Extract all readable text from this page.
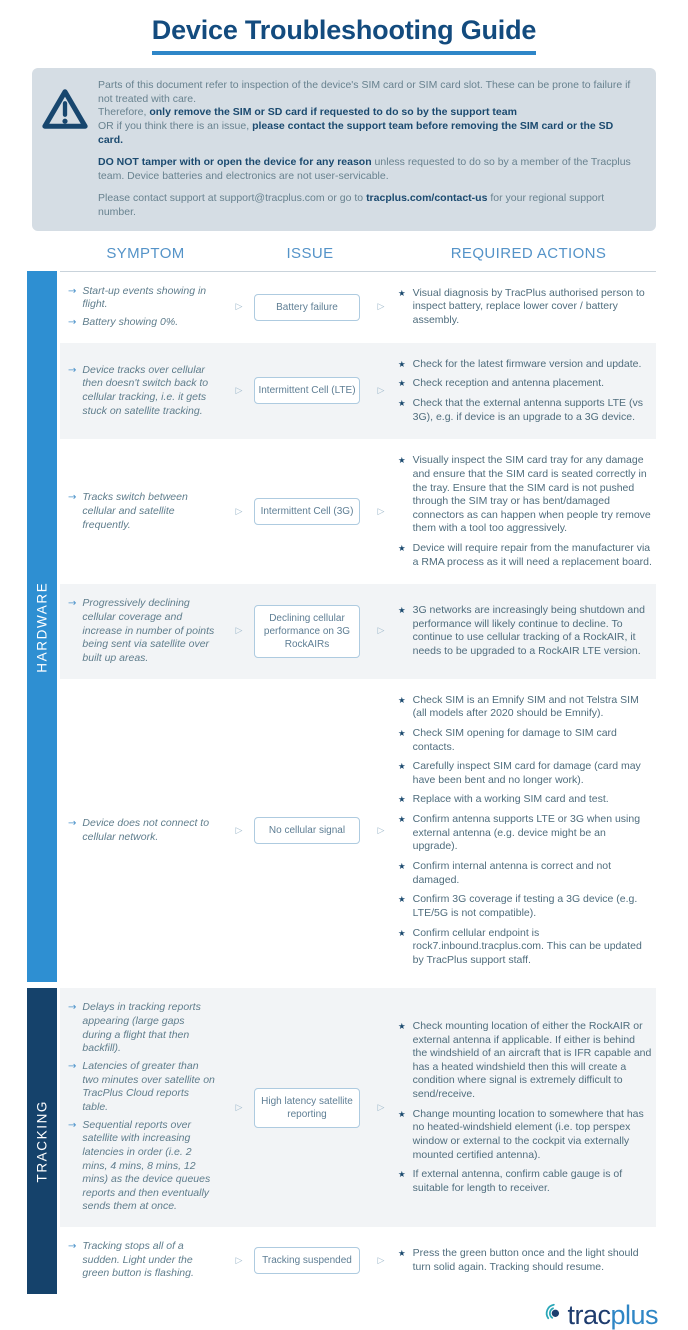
Device Troubleshooting Guide

Parts of this document refer to inspection of the device's SIM card or SIM card slot. These can be prone to failure if not treated with care.
Therefore, only remove the SIM or SD card if requested to do so by the support team
OR if you think there is an issue, please contact the support team before removing the SIM card or the SD card.

DO NOT tamper with or open the device for any reason unless requested to do so by a member of the Tracplus team. Device batteries and electronics are not user-servicable.

Please contact support at support@tracplus.com or go to tracplus.com/contact-us for your regional support number.

SYMPTOM	ISSUE	REQUIRED ACTIONS
HARDWARE
→ Start-up events showing in flight.
→ Battery showing 0%.
▷	Battery failure	▷
★ Visual diagnosis by TracPlus authorised person to inspect battery, replace lower cover / battery assembly.
→ Device tracks over cellular then doesn't switch back to cellular tracking, i.e. it gets stuck on satellite tracking.
▷	Intermittent Cell (LTE)	▷
★ Check for the latest firmware version and update.
★ Check reception and antenna placement.
★ Check that the external antenna supports LTE (vs 3G), e.g. if device is an upgrade to a 3G device.
→ Tracks switch between cellular and satellite frequently.
▷	Intermittent Cell (3G)	▷
★ Visually inspect the SIM card tray for any damage and ensure that the SIM card is seated correctly in the tray. Ensure that the SIM card is not pushed through the SIM tray or has bent/damaged connectors as can happen when people try remove them with a tool too aggressively.
★ Device will require repair from the manufacturer via a RMA process as it will need a replacement board.
→ Progressively declining cellular coverage and increase in number of points being sent via satellite over built up areas.
▷
Declining cellular performance on 3G RockAIRs
▷
★ 3G networks are increasingly being shutdown and performance will likely continue to decline. To continue to use cellular tracking of a RockAIR, it needs to be upgraded to a RockAIR LTE version.
→ Device does not connect to cellular network.	▷	No cellular signal	▷
★ Check SIM is an Emnify SIM and not Telstra SIM (all models after 2020 should be Emnify).
★ Check SIM opening for damage to SIM card contacts.
★ Carefully inspect SIM card for damage (card may have been bent and no longer work).
★ Replace with a working SIM card and test.
★ Confirm antenna supports LTE or 3G when using external antenna (e.g. device might be an upgrade).
★ Confirm internal antenna is correct and not damaged.
★ Confirm 3G coverage if testing a 3G device (e.g. LTE/5G is not compatible).
★ Confirm cellular endpoint is rock7.inbound.tracplus.com. This can be updated by TracPlus support staff.
TRACKING
→ Delays in tracking reports appearing (large gaps during a flight that then backfill).
→ Latencies of greater than two minutes over satellite on TracPlus Cloud reports table.
→ Sequential reports over satellite with increasing latencies in order (i.e. 2 mins, 4 mins, 8 mins, 12 mins) as the device queues reports and then eventually sends them at once.
▷
High latency satellite reporting
▷
★ Check mounting location of either the RockAIR or external antenna if applicable. If either is behind the windshield of an aircraft that is IFR capable and has a heated windshield then this will create a condition where signal is extremely difficult to send/receive.
★ Change mounting location to somewhere that has no heated-windshield element (i.e. top perspex window or external to the cockpit via externally mounted certified antenna).
★ If external antenna, confirm cable gauge is of suitable for length to receiver.
→ Tracking stops all of a sudden. Light under the green button is flashing.
▷	Tracking suspended	▷
★ Press the green button once and the light should turn solid again. Tracking should resume.
tracplus
